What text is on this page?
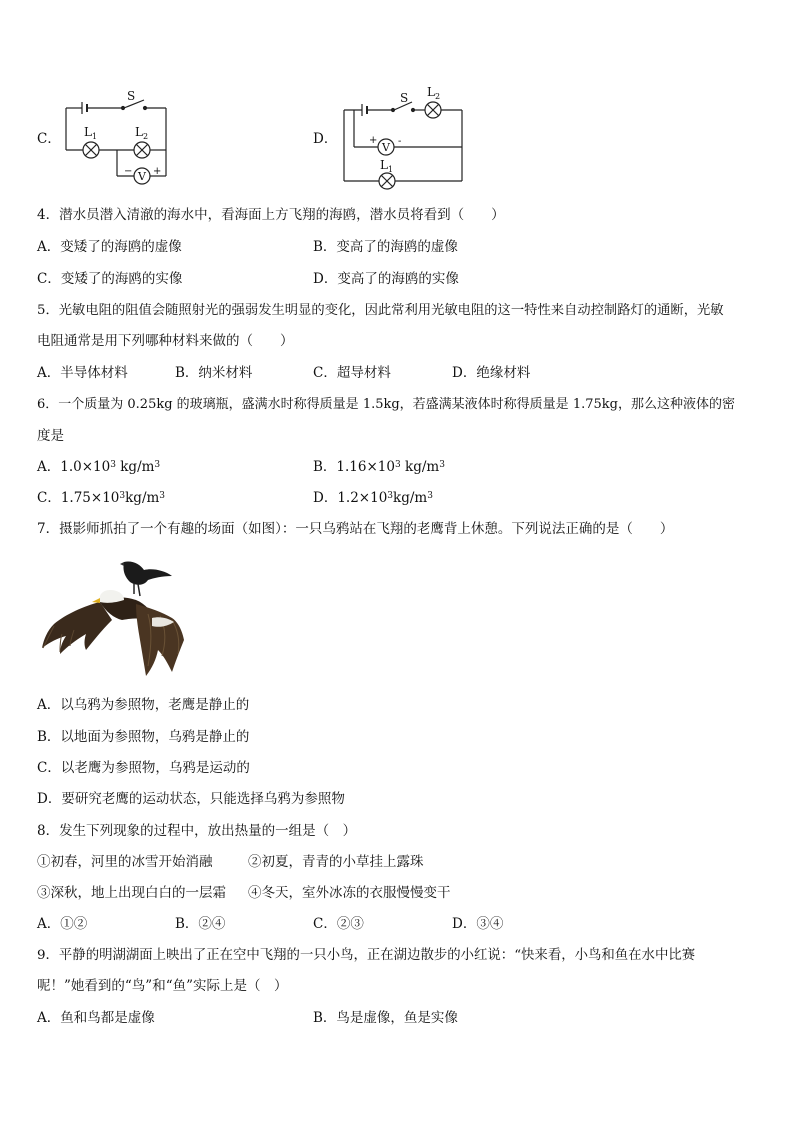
C．
S
L 1	L 2
V
− +
D．
S L 2
V
+ -
L 1
4．潜水员潜入清澈的海水中，看海面上方飞翔的海鸥，潜水员将看到（　　）
A．变矮了的海鸥的虚像	B．变高了的海鸥的虚像
C．变矮了的海鸥的实像	D．变高了的海鸥的实像
5．光敏电阻的阻值会随照射光的强弱发生明显的变化，因此常利用光敏电阻的这一特性来自动控制路灯的通断，光敏
电阻通常是用下列哪种材料来做的（　　）
A．半导体材料	B．纳米材料	C．超导材料	D．绝缘材料
6．一个质量为 0.25kg 的玻璃瓶，盛满水时称得质量是 1.5kg，若盛满某液体时称得质量是 1.75kg，那么这种液体的密
度是
A．$1.0\times 10^3$ $kg/m^3$	B．$1.16\times 10^3$ $kg/m^3$
C．$1.75\times 10^3kg/m^3$	D．$1.2\times 10^3kg/m^3$
7．摄影师抓拍了一个有趣的场面（如图）：一只乌鸦站在飞翔的老鹰背上休憩。下列说法正确的是（　　）
A．以乌鸦为参照物，老鹰是静止的
B．以地面为参照物，乌鸦是静止的
C．以老鹰为参照物，乌鸦是运动的
D．要研究老鹰的运动状态，只能选择乌鸦为参照物
8．发生下列现象的过程中，放出热量的一组是（　）
①初春，河里的冰雪开始消融	②初夏，青青的小草挂上露珠
③深秋，地上出现白白的一层霜 ④冬天，室外冰冻的衣服慢慢变干
A．①②	B．②④	C．②③	D．③④
9．平静的明湖湖面上映出了正在空中飞翔的一只小鸟，正在湖边散步的小红说：“快来看，小鸟和鱼在水中比赛
呢！”她看到的“鸟”和“鱼”实际上是（　）
A．鱼和鸟都是虚像	B．鸟是虚像，鱼是实像
